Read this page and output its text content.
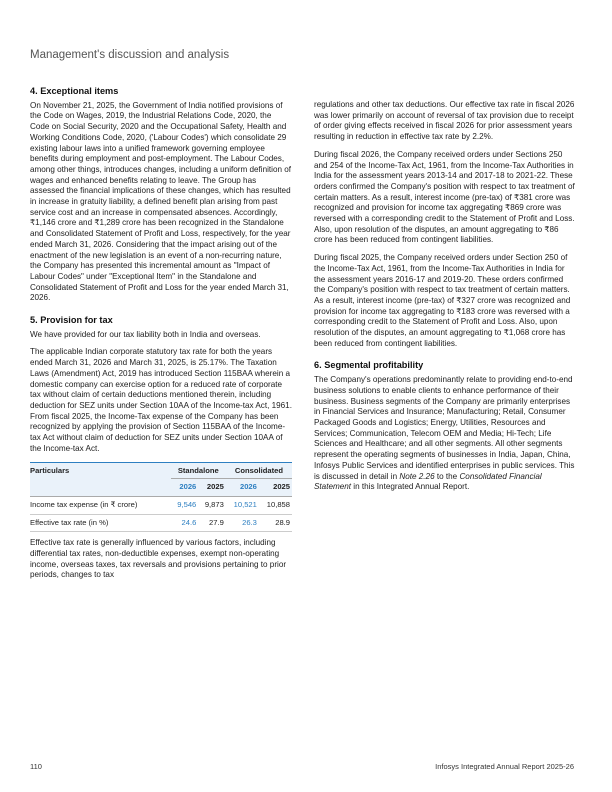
Management's discussion and analysis
4. Exceptional items

On November 21, 2025, the Government of India notified provisions of the Code on Wages, 2019, the Industrial Relations Code, 2020, the Code on Social Security, 2020 and the Occupational Safety, Health and Working Conditions Code, 2020, ('Labour Codes') which consolidate 29 existing labour laws into a unified framework governing employee benefits during employment and post-employment. The Labour Codes, among other things, introduces changes, including a uniform definition of wages and enhanced benefits relating to leave. The Group has assessed the financial implications of these changes, which has resulted in increase in gratuity liability, a defined benefit plan arising from past service cost and an increase in compensated absences. Accordingly, ₹1,146 crore and ₹1,289 crore has been recognized in the Standalone and Consolidated Statement of Profit and Loss, respectively, for the year ended March 31, 2026. Considering that the impact arising out of the enactment of the new legislation is an event of a non-recurring nature, the Company has presented this incremental amount as "Impact of Labour Codes" under "Exceptional Item" in the Standalone and Consolidated Statement of Profit and Loss for the year ended March 31, 2026.

5. Provision for tax

We have provided for our tax liability both in India and overseas.

The applicable Indian corporate statutory tax rate for both the years ended March 31, 2026 and March 31, 2025, is 25.17%. The Taxation Laws (Amendment) Act, 2019 has introduced Section 115BAA wherein a domestic company can exercise option for a reduced rate of corporate tax without claim of certain deductions mentioned therein, including deduction for SEZ units under Section 10AA of the Income-tax Act, 1961. From fiscal 2025, the Income-Tax expense of the Company has been recognized by applying the provision of Section 115BAA of the Income-tax Act without claim of deduction for SEZ units under Section 10AA of the Income-tax Act.

Particulars	Standalone		Consolidated	
	2026	2025	2026	2025
Income tax expense (in ₹ crore)	9,546	9,873	10,521	10,858
Effective tax rate (in %)	24.6	27.9	26.3	28.9

Effective tax rate is generally influenced by various factors, including differential tax rates, non-deductible expenses, exempt non-operating income, overseas taxes, tax reversals and provisions pertaining to prior periods, changes to tax

regulations and other tax deductions. Our effective tax rate in fiscal 2026 was lower primarily on account of reversal of tax provision due to receipt of order giving effects received in fiscal 2026 for prior assessment years resulting in reduction in effective tax rate by 2.2%.

During fiscal 2026, the Company received orders under Sections 250 and 254 of the Income-Tax Act, 1961, from the Income-Tax Authorities in India for the assessment years 2013-14 and 2017-18 to 2021-22. These orders confirmed the Company's position with respect to tax treatment of certain matters. As a result, interest income (pre-tax) of ₹381 crore was recognized and provision for income tax aggregating ₹869 crore was reversed with a corresponding credit to the Statement of Profit and Loss. Also, upon resolution of the disputes, an amount aggregating to ₹86 crore has been reduced from contingent liabilities.

During fiscal 2025, the Company received orders under Section 250 of the Income-Tax Act, 1961, from the Income-Tax Authorities in India for the assessment years 2016-17 and 2019-20. These orders confirmed the Company's position with respect to tax treatment of certain matters. As a result, interest income (pre-tax) of ₹327 crore was recognized and provision for income tax aggregating to ₹183 crore was reversed with a corresponding credit to the Statement of Profit and Loss. Also, upon resolution of the disputes, an amount aggregating to ₹1,068 crore has been reduced from contingent liabilities.

6. Segmental profitability

The Company's operations predominantly relate to providing end-to-end business solutions to enable clients to enhance performance of their business. Business segments of the Company are primarily enterprises in Financial Services and Insurance; Manufacturing; Retail, Consumer Packaged Goods and Logistics; Energy, Utilities, Resources and Services; Communication, Telecom OEM and Media; Hi-Tech; Life Sciences and Healthcare; and all other segments. All other segments represent the operating segments of businesses in India, Japan, China, Infosys Public Services and identified enterprises in public services. This is discussed in detail in Note 2.26 to the Consolidated Financial Statement in this Integrated Annual Report.

110	Infosys Integrated Annual Report 2025-26
